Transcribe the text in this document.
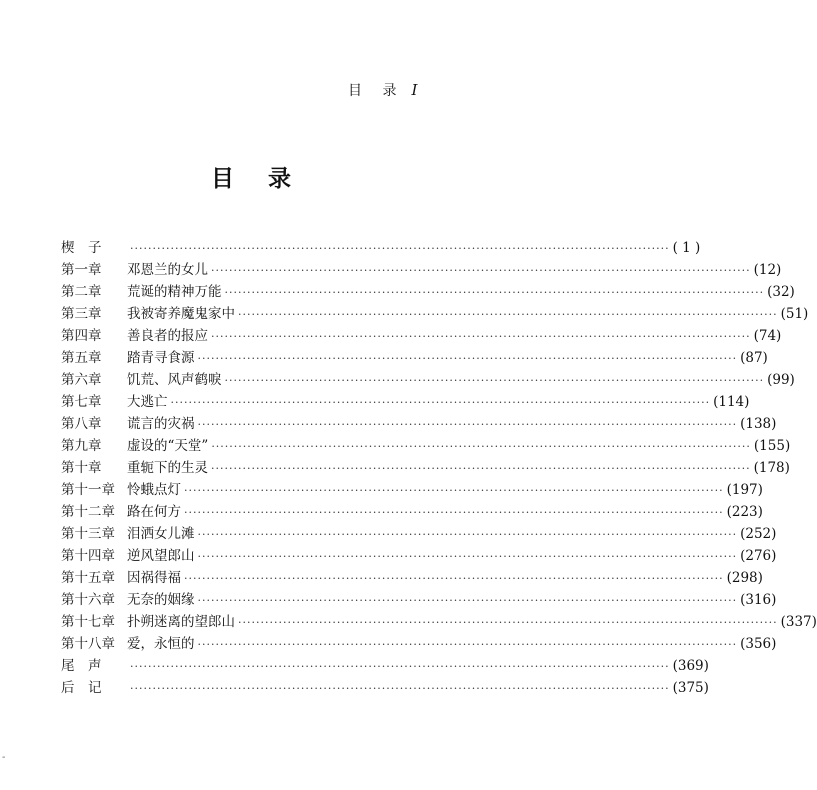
目 录 I
目 录
楔　子	························································································································ ( 1 )
第一章	邓恩兰的女儿 ························································································································ (12)
第二章	荒诞的精神万能 ························································································································ (32)
第三章	我被寄养魔鬼家中 ························································································································ (51)
第四章	善良者的报应 ························································································································ (74)
第五章	踏青寻食源 ························································································································ (87)
第六章	饥荒、风声鹤唳 ························································································································ (99)
第七章	大逃亡 ························································································································ (114)
第八章	谎言的灾祸 ························································································································ (138)
第九章	虚设的“天堂” ························································································································ (155)
第十章	重轭下的生灵 ························································································································ (178)
第十一章 怜蛾点灯 ························································································································ (197)
第十二章 路在何方 ························································································································ (223)
第十三章 泪洒女儿滩 ························································································································ (252)
第十四章 逆风望郎山 ························································································································ (276)
第十五章 因祸得福 ························································································································ (298)
第十六章 无奈的姻缘 ························································································································ (316)
第十七章 扑朔迷离的望郎山 ························································································································ (337)
第十八章 爱，永恒的 ························································································································ (356)
尾　声	························································································································ (369)
后　记	························································································································ (375)
-
